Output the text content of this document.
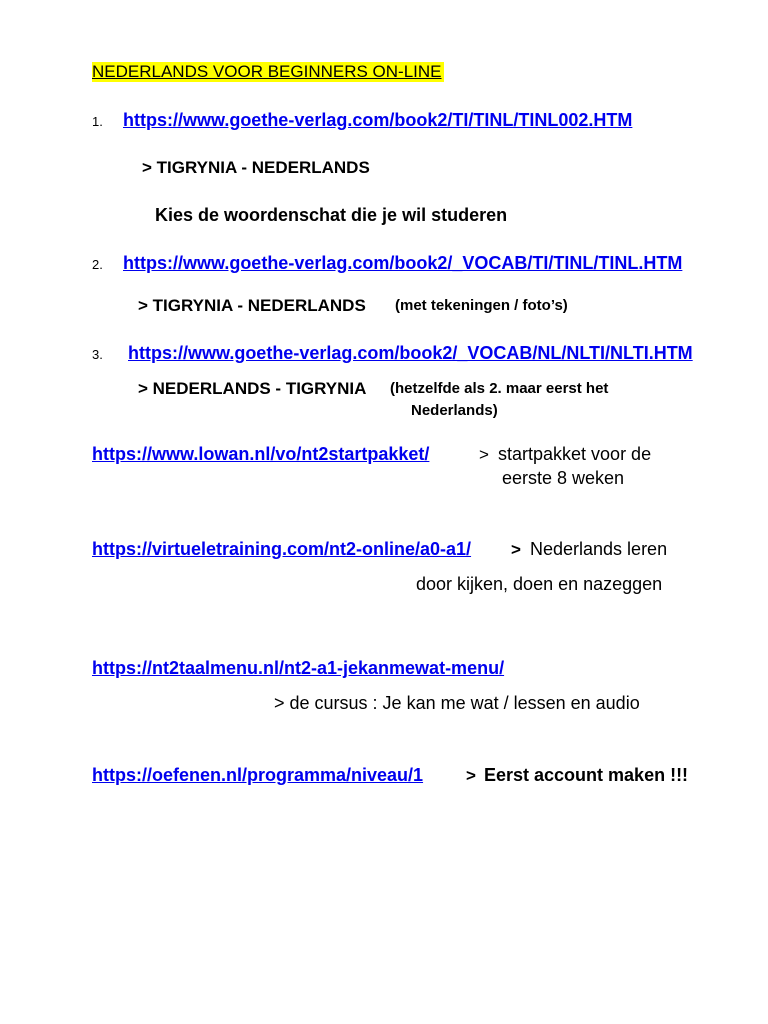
NEDERLANDS VOOR BEGINNERS ON-LINE
1. https://www.goethe-verlag.com/book2/TI/TINL/TINL002.HTM
> TIGRYNIA - NEDERLANDS
Kies de woordenschat die je wil studeren
2. https://www.goethe-verlag.com/book2/_VOCAB/TI/TINL/TINL.HTM
> TIGRYNIA - NEDERLANDS (met tekeningen / foto’s)
3. https://www.goethe-verlag.com/book2/_VOCAB/NL/NLTI/NLTI.HTM
> NEDERLANDS - TIGRYNIA (hetzelfde als 2. maar eerst het
Nederlands)
https://www.lowan.nl/vo/nt2startpakket/	> startpakket voor de
eerste 8 weken
https://virtueletraining.com/nt2-online/a0-a1/ > Nederlands leren
door kijken, doen en nazeggen
https://nt2taalmenu.nl/nt2-a1-jekanmewat-menu/
> de cursus : Je kan me wat / lessen en audio
https://oefenen.nl/programma/niveau/1	> Eerst account maken !!!
